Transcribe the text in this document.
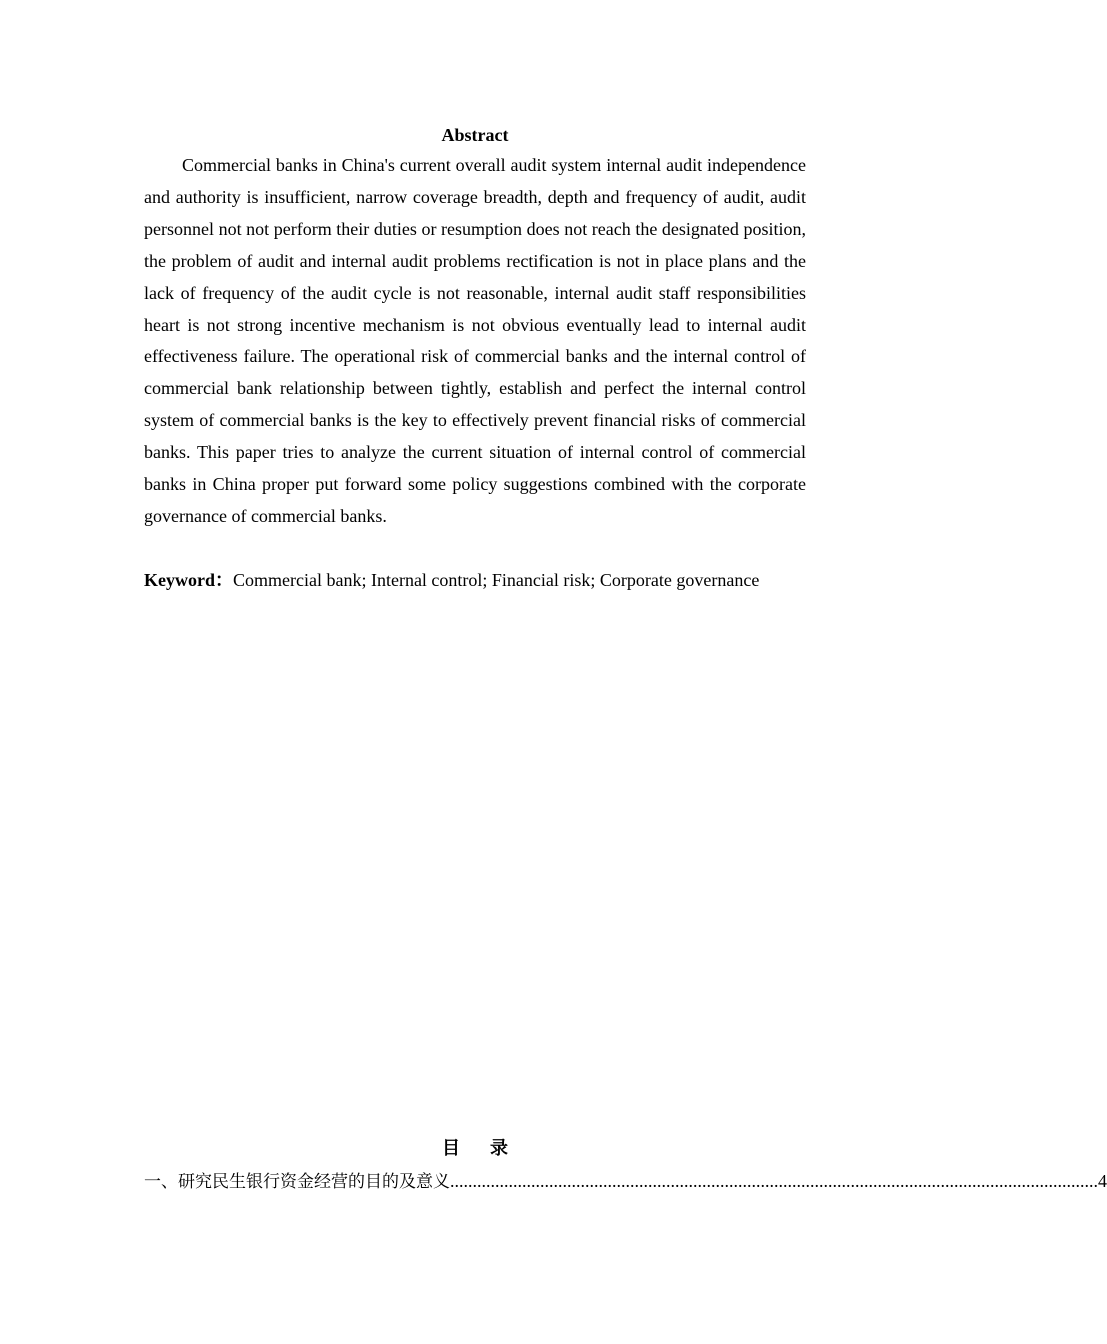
Abstract

Commercial banks in China's current overall audit system internal audit independence and authority is insufficient, narrow coverage breadth, depth and frequency of audit, audit personnel not not perform their duties or resumption does not reach the designated position, the problem of audit and internal audit problems rectification is not in place plans and the lack of frequency of the audit cycle is not reasonable, internal audit staff responsibilities heart is not strong incentive mechanism is not obvious eventually lead to internal audit effectiveness failure. The operational risk of commercial banks and the internal control of commercial bank relationship between tightly, establish and perfect the internal control system of commercial banks is the key to effectively prevent financial risks of commercial banks. This paper tries to analyze the current situation of internal control of commercial banks in China proper put forward some policy suggestions combined with the corporate governance of commercial banks.

Keyword：Commercial bank; Internal control; Financial risk; Corporate governance
目 录
一、研究民生银行资金经营的目的及意义 ................................................................................................................................................ 4
